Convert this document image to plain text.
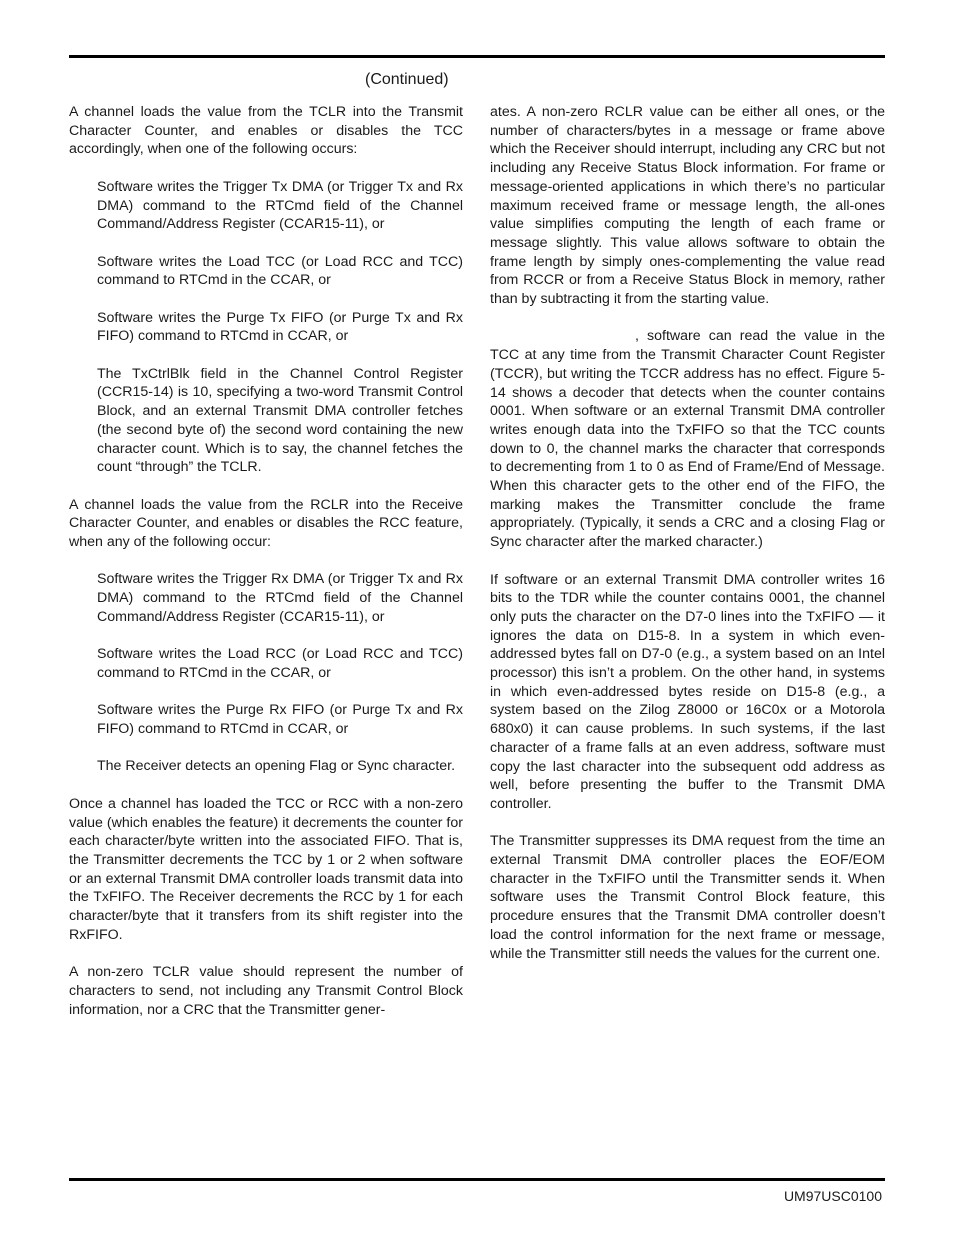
(Continued)

A channel loads the value from the TCLR into the Transmit Character Counter, and enables or disables the TCC accordingly, when one of the following occurs:

Software writes the Trigger Tx DMA (or Trigger Tx and Rx DMA) command to the RTCmd field of the Channel Command/Address Register (CCAR15-11), or

Software writes the Load TCC (or Load RCC and TCC) command to RTCmd in the CCAR, or

Software writes the Purge Tx FIFO (or Purge Tx and Rx FIFO) command to RTCmd in CCAR, or

The TxCtrlBlk field in the Channel Control Register (CCR15-14) is 10, specifying a two-word Transmit Control Block, and an external Transmit DMA controller fetches (the second byte of) the second word containing the new character count. Which is to say, the channel fetches the count “through” the TCLR.

A channel loads the value from the RCLR into the Receive Character Counter, and enables or disables the RCC feature, when any of the following occur:

Software writes the Trigger Rx DMA (or Trigger Tx and Rx DMA) command to the RTCmd field of the Channel Command/Address Register (CCAR15-11), or

Software writes the Load RCC (or Load RCC and TCC) command to RTCmd in the CCAR, or

Software writes the Purge Rx FIFO (or Purge Tx and Rx FIFO) command to RTCmd in CCAR, or

The Receiver detects an opening Flag or Sync character.

Once a channel has loaded the TCC or RCC with a non-zero value (which enables the feature) it decrements the counter for each character/byte written into the associated FIFO. That is, the Transmitter decrements the TCC by 1 or 2 when software or an external Transmit DMA controller loads transmit data into the TxFIFO. The Receiver decrements the RCC by 1 for each character/byte that it transfers from its shift register into the RxFIFO.

A non-zero TCLR value should represent the number of characters to send, not including any Transmit Control Block information, nor a CRC that the Transmitter gener-

ates. A non-zero RCLR value can be either all ones, or the number of characters/bytes in a message or frame above which the Receiver should interrupt, including any CRC but not including any Receive Status Block information. For frame or message-oriented applications in which there’s no particular maximum received frame or message length, the all-ones value simplifies computing the length of each frame or message slightly. This value allows software to obtain the frame length by simply ones-complementing the value read from RCCR or from a Receive Status Block in memory, rather than by subtracting it from the starting value.

, software can read the value in the TCC at any time from the Transmit Character Count Register (TCCR), but writing the TCCR address has no effect. Figure 5-14 shows a decoder that detects when the counter contains 0001. When software or an external Transmit DMA controller writes enough data into the TxFIFO so that the TCC counts down to 0, the channel marks the character that corresponds to decrementing from 1 to 0 as End of Frame/End of Message. When this character gets to the other end of the FIFO, the marking makes the Transmitter conclude the frame appropriately. (Typically, it sends a CRC and a closing Flag or Sync character after the marked character.)

If software or an external Transmit DMA controller writes 16 bits to the TDR while the counter contains 0001, the channel only puts the character on the D7-0 lines into the TxFIFO — it ignores the data on D15-8. In a system in which even-addressed bytes fall on D7-0 (e.g., a system based on an Intel processor) this isn’t a problem. On the other hand, in systems in which even-addressed bytes reside on D15-8 (e.g., a system based on the Zilog Z8000 or 16C0x or a Motorola 680x0) it can cause problems. In such systems, if the last character of a frame falls at an even address, software must copy the last character into the subsequent odd address as well, before presenting the buffer to the Transmit DMA controller.

The Transmitter suppresses its DMA request from the time an external Transmit DMA controller places the EOF/EOM character in the TxFIFO until the Transmitter sends it. When software uses the Transmit Control Block feature, this procedure ensures that the Transmit DMA controller doesn’t load the control information for the next frame or message, while the Transmitter still needs the values for the current one.

UM97USC0100
